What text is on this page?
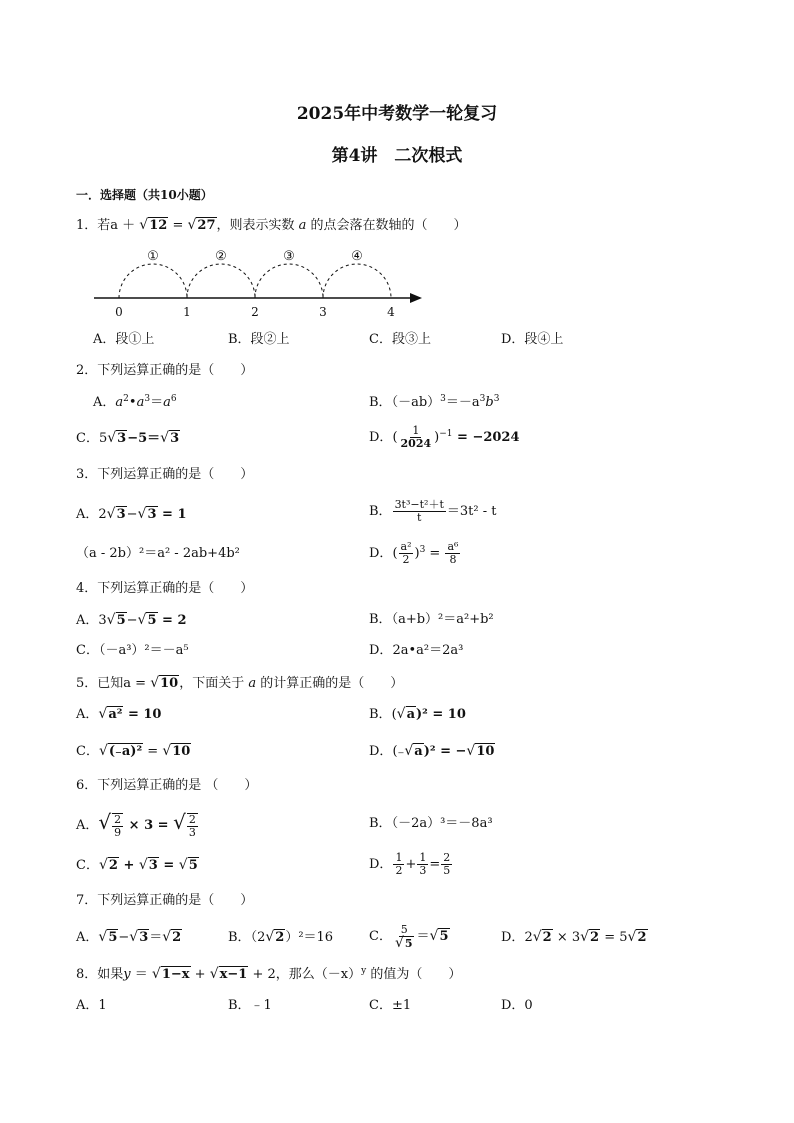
2025年中考数学一轮复习
第4讲　二次根式
一．选择题（共10小题）
1．若a ＋ √12 = √27，则表示实数 a 的点会落在数轴的（　　）
0	1	2	3	4
①	②	③	④
A．段①上	B．段②上	C．段③上	D．段④上
2．下列运算正确的是（　　）
A．$a^2•a^3=a^6$	B．$(-ab)^3=-a^3b^3$
C．5√3−5＝√3	D．( $\frac{1}{2024} )^{-1} = -2024$
3．下列运算正确的是（　　）
A．2√3−√3 = 1	B． $\frac{\text{3t³−t²＋t}}{t} =3t^2 - t$
（a - 2b）²＝a² - 2ab+4b²	D．( $\frac{\text{a²}}{2} )^3 = \frac{\text{a⁶}}{8}$
4．下列运算正确的是（　　）
A．3√5−√5 = 2	B．（a+b）²＝a²+b²
C．（－a³）²＝－a⁵	D．2a•a²＝2a³
5．已知a = √10，下面关于 a 的计算正确的是（　　）
A．√a² = 10	B．(√a)² = 10
C．√(₋a)² = √10	D．(₋√a)² = −√10
6．下列运算正确的是 （　　）
A．√ $\frac{2}{9} \times 3$ = √ $\frac{2}{3}$	B．（－2a）³＝－8a³
C．√2 + √3 = √5	D． $\frac{1}{2} + \frac{1}{3} = \frac{2}{5}$
7．下列运算正确的是（　　）
A．√5−√3＝√2	B．（2√2）²＝16	C． $\frac{5}{√5} =√5$	D．2√2 × 3√2 = 5√2
8．如果y ＝ √1−x + √x−1 + 2，那么$(-x)^y$ 的值为（　　）
A．1	B．﹣1	C．±1	D．0
